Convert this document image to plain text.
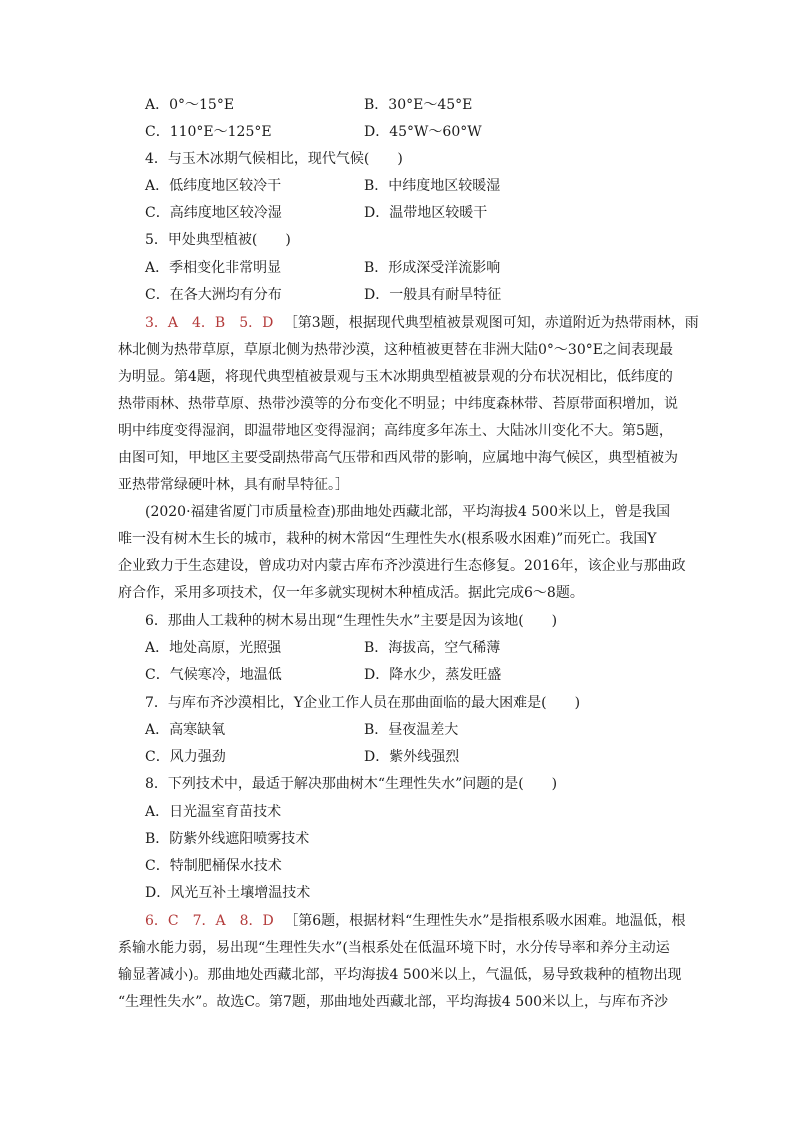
A．0°～15°E	B．30°E～45°E
C．110°E～125°E	D．45°W～60°W
4．与玉木冰期气候相比，现代气候(　　)
A．低纬度地区较冷干	B．中纬度地区较暖湿
C．高纬度地区较冷湿	D．温带地区较暖干
5．甲处典型植被(　　)
A．季相变化非常明显	B．形成深受洋流影响
C．在各大洲均有分布	D．一般具有耐旱特征
3．A　4．B　5．D ［第3题，根据现代典型植被景观图可知，赤道附近为热带雨林，雨
林北侧为热带草原，草原北侧为热带沙漠，这种植被更替在非洲大陆0°～30°E之间表现最
为明显。第4题，将现代典型植被景观与玉木冰期典型植被景观的分布状况相比，低纬度的
热带雨林、热带草原、热带沙漠等的分布变化不明显；中纬度森林带、苔原带面积增加，说
明中纬度变得湿润，即温带地区变得湿润；高纬度多年冻土、大陆冰川变化不大。第5题，
由图可知，甲地区主要受副热带高气压带和西风带的影响，应属地中海气候区，典型植被为
亚热带常绿硬叶林，具有耐旱特征。］
(2020·福建省厦门市质量检查)那曲地处西藏北部，平均海拔4 500米以上，曾是我国
唯一没有树木生长的城市，栽种的树木常因“生理性失水(根系吸水困难)”而死亡。我国Y
企业致力于生态建设，曾成功对内蒙古库布齐沙漠进行生态修复。2016年，该企业与那曲政
府合作，采用多项技术，仅一年多就实现树木种植成活。据此完成6～8题。
6．那曲人工栽种的树木易出现“生理性失水”主要是因为该地(　　)
A．地处高原，光照强	B．海拔高，空气稀薄
C．气候寒冷，地温低	D．降水少，蒸发旺盛
7．与库布齐沙漠相比，Y企业工作人员在那曲面临的最大困难是(　　)
A．高寒缺氧	B．昼夜温差大
C．风力强劲	D．紫外线强烈
8．下列技术中，最适于解决那曲树木“生理性失水”问题的是(　　)
A．日光温室育苗技术
B．防紫外线遮阳喷雾技术
C．特制肥桶保水技术
D．风光互补土壤增温技术
6．C　7．A　8．D ［第6题，根据材料“生理性失水”是指根系吸水困难。地温低，根
系输水能力弱，易出现“生理性失水”(当根系处在低温环境下时，水分传导率和养分主动运
输显著减小)。那曲地处西藏北部，平均海拔4 500米以上，气温低，易导致栽种的植物出现
“生理性失水”。故选C。第7题，那曲地处西藏北部，平均海拔4 500米以上，与库布齐沙
